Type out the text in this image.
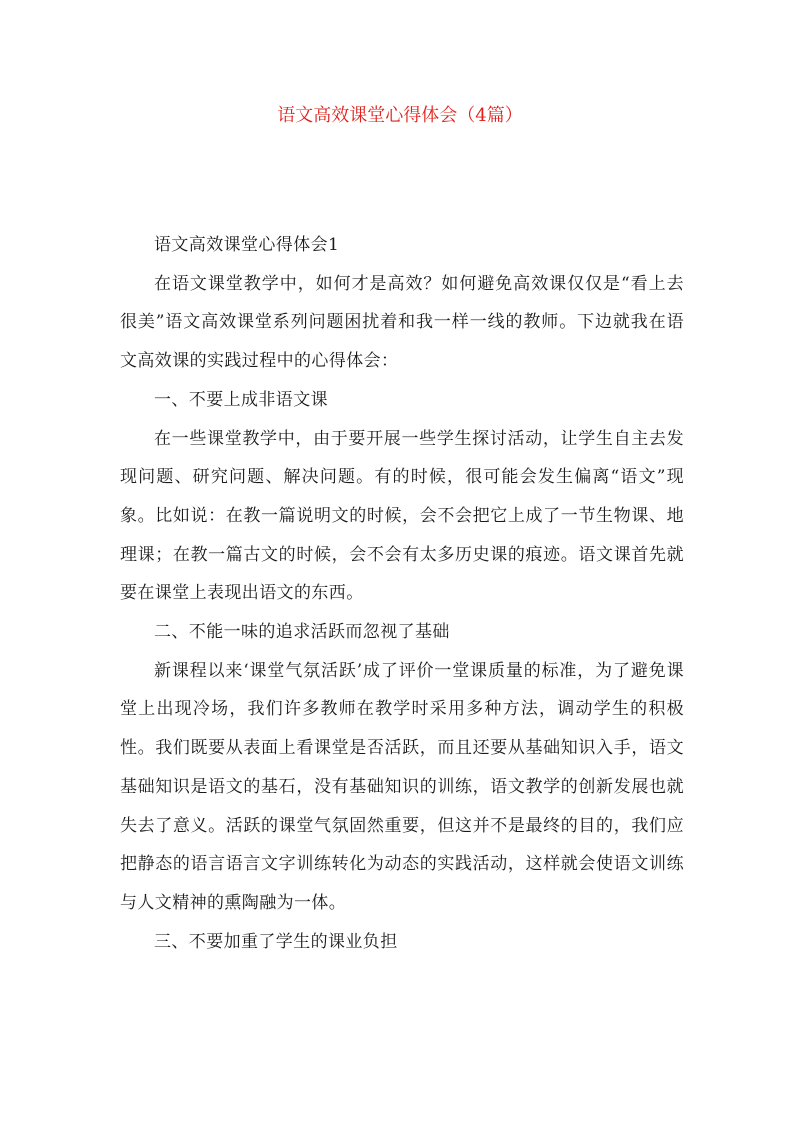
语文高效课堂心得体会（4篇）

语文高效课堂心得体会1

在语文课堂教学中，如何才是高效？如何避免高效课仅仅是“看上去很美”语文高效课堂系列问题困扰着和我一样一线的教师。下边就我在语文高效课的实践过程中的心得体会：

一、不要上成非语文课

在一些课堂教学中，由于要开展一些学生探讨活动，让学生自主去发现问题、研究问题、解决问题。有的时候，很可能会发生偏离“语文”现象。比如说：在教一篇说明文的时候，会不会把它上成了一节生物课、地理课；在教一篇古文的时候，会不会有太多历史课的痕迹。语文课首先就要在课堂上表现出语文的东西。

二、不能一味的追求活跃而忽视了基础

新课程以来‘课堂气氛活跃’成了评价一堂课质量的标准，为了避免课堂上出现冷场，我们许多教师在教学时采用多种方法，调动学生的积极性。我们既要从表面上看课堂是否活跃，而且还要从基础知识入手，语文基础知识是语文的基石，没有基础知识的训练，语文教学的创新发展也就失去了意义。活跃的课堂气氛固然重要，但这并不是最终的目的，我们应把静态的语言语言文字训练转化为动态的实践活动，这样就会使语文训练与人文精神的熏陶融为一体。

三、不要加重了学生的课业负担
